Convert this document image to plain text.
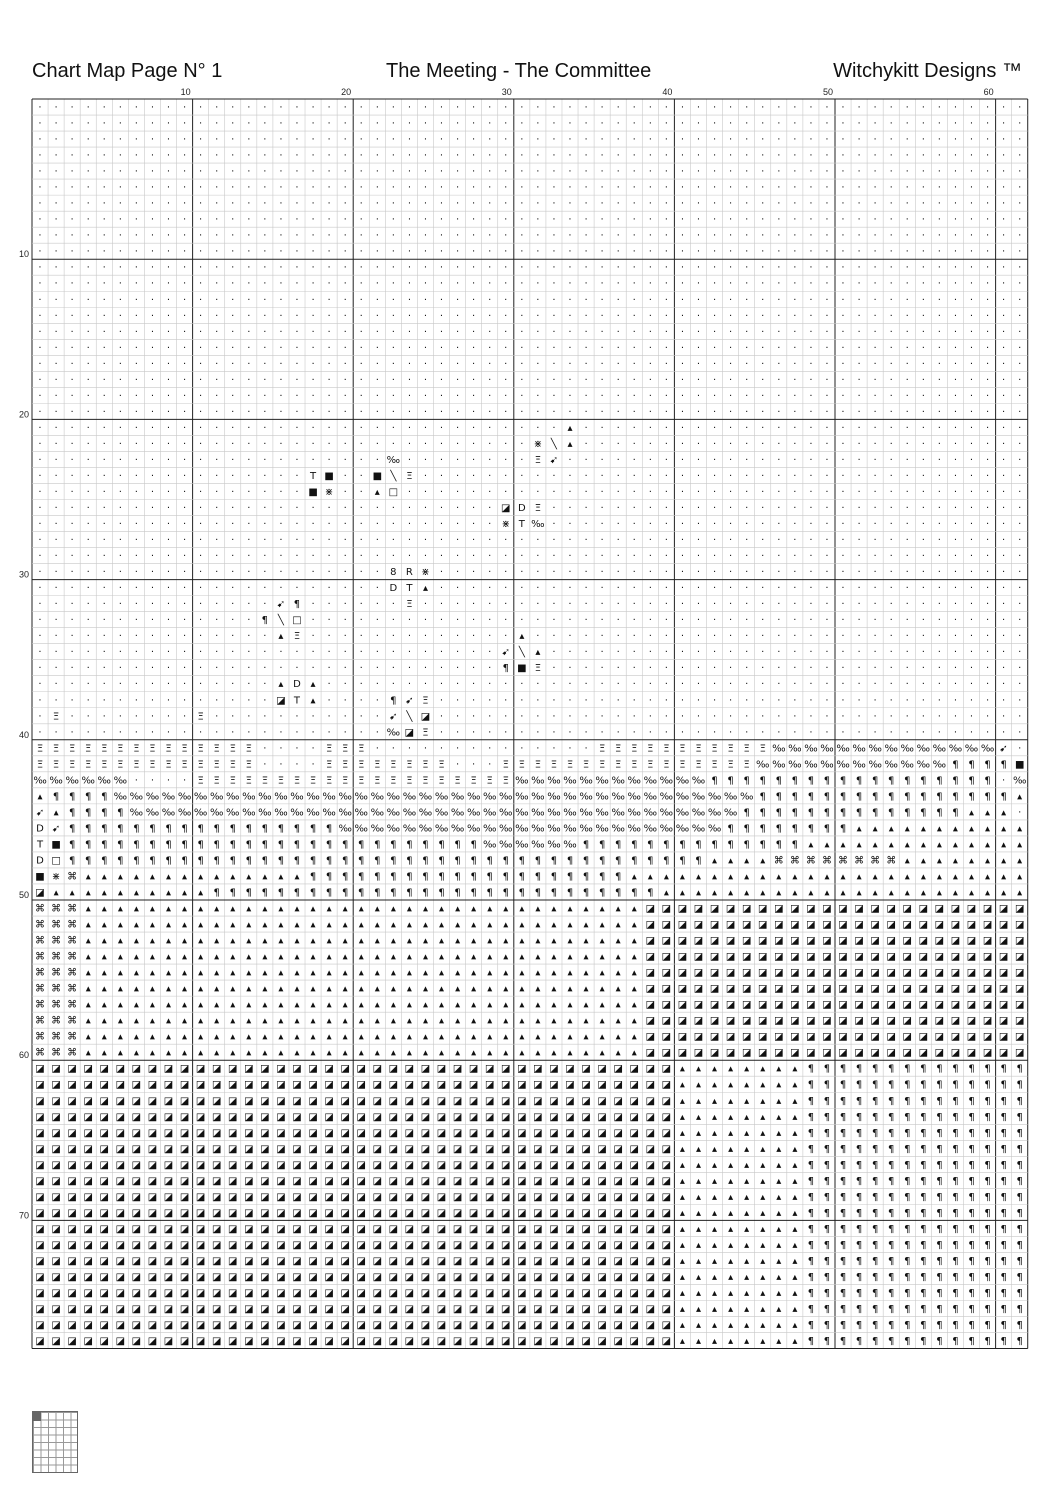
Chart Map Page N° 1	The Meeting - The Committee	Witchykitt Designs ™
· · · · · · · · · · · · · · · · · · · · · · · · · · · · · · · · · · · · · · · · · · · · · · · · · · · · · · · · · · · · · ·
· · · · · · · · · · · · · · · · · · · · · · · · · · · · · · · · · · · · · · · · · · · · · · · · · · · · · · · · · · · · · ·
· · · · · · · · · · · · · · · · · · · · · · · · · · · · · · · · · · · · · · · · · · · · · · · · · · · · · · · · · · · · · ·
· · · · · · · · · · · · · · · · · · · · · · · · · · · · · · · · · · · · · · · · · · · · · · · · · · · · · · · · · · · · · ·
· · · · · · · · · · · · · · · · · · · · · · · · · · · · · · · · · · · · · · · · · · · · · · · · · · · · · · · · · · · · · ·
· · · · · · · · · · · · · · · · · · · · · · · · · · · · · · · · · · · · · · · · · · · · · · · · · · · · · · · · · · · · · ·
· · · · · · · · · · · · · · · · · · · · · · · · · · · · · · · · · · · · · · · · · · · · · · · · · · · · · · · · · · · · · ·
· · · · · · · · · · · · · · · · · · · · · · · · · · · · · · · · · · · · · · · · · · · · · · · · · · · · · · · · · · · · · ·
· · · · · · · · · · · · · · · · · · · · · · · · · · · · · · · · · · · · · · · · · · · · · · · · · · · · · · · · · · · · · ·
· · · · · · · · · · · · · · · · · · · · · · · · · · · · · · · · · · · · · · · · · · · · · · · · · · · · · · · · · · · · · ·
· · · · · · · · · · · · · · · · · · · · · · · · · · · · · · · · · · · · · · · · · · · · · · · · · · · · · · · · · · · · · ·
· · · · · · · · · · · · · · · · · · · · · · · · · · · · · · · · · · · · · · · · · · · · · · · · · · · · · · · · · · · · · ·
· · · · · · · · · · · · · · · · · · · · · · · · · · · · · · · · · · · · · · · · · · · · · · · · · · · · · · · · · · · · · ·
· · · · · · · · · · · · · · · · · · · · · · · · · · · · · · · · · · · · · · · · · · · · · · · · · · · · · · · · · · · · · ·
· · · · · · · · · · · · · · · · · · · · · · · · · · · · · · · · · · · · · · · · · · · · · · · · · · · · · · · · · · · · · ·
· · · · · · · · · · · · · · · · · · · · · · · · · · · · · · · · · · · · · · · · · · · · · · · · · · · · · · · · · · · · · ·
· · · · · · · · · · · · · · · · · · · · · · · · · · · · · · · · · · · · · · · · · · · · · · · · · · · · · · · · · · · · · ·
· · · · · · · · · · · · · · · · · · · · · · · · · · · · · · · · · · · · · · · · · · · · · · · · · · · · · · · · · · · · · ·
· · · · · · · · · · · · · · · · · · · · · · · · · · · · · · · · · · · · · · · · · · · · · · · · · · · · · · · · · · · · · ·
· · · · · · · · · · · · · · · · · · · · · · · · · · · · · · · · · · · · · · · · · · · · · · · · · · · · · · · · · · · · · ·
· · · · · · · · · · · · · · · · · · · · · · · · · · · · · · · · · ▴ · · · · · · · · · · · · · · · · · · · · · · · · · · · ·
· · · · · · · · · · · · · · · · · · · · · · · · · · · · · · · ⋇ ╲ ▴ · · · · · · · · · · · · · · · · · · · · · · · · · · · ·
· · · · · · · · · · · · · · · · · · · · · · ‰ · · · · · · · · Ξ ➹ · · · · · · · · · · · · · · · · · · · · · · · · · · · · ·
· · · · · · · · · · · · · · · · · T ■ · · ■ ╲ Ξ · · · · · · · · · · · · · · · · · · · · · · · · · · · · · · · · · · · · · ·
· · · · · · · · · · · · · · · · · ■ ⋇ · · ▴ □ · · · · · · · · · · · · · · · · · · · · · · · · · · · · · · · · · · · · · · ·
· · · · · · · · · · · · · · · · · · · · · · · · · · · · · ◪ D Ξ · · · · · · · · · · · · · · · · · · · · · · · · · · · · · ·
· · · · · · · · · · · · · · · · · · · · · · · · · · · · · ⋇ T ‰ · · · · · · · · · · · · · · · · · · · · · · · · · · · · · ·
· · · · · · · · · · · · · · · · · · · · · · · · · · · · · · · · · · · · · · · · · · · · · · · · · · · · · · · · · · · · · ·
· · · · · · · · · · · · · · · · · · · · · · · · · · · · · · · · · · · · · · · · · · · · · · · · · · · · · · · · · · · · · ·
· · · · · · · · · · · · · · · · · · · · · · 8 R ⋇ · · · · · · · · · · · · · · · · · · · · · · · · · · · · · · · · · · · · ·
· · · · · · · · · · · · · · · · · · · · · · D T ▴ · · · · · · · · · · · · · · · · · · · · · · · · · · · · · · · · · · · · ·
· · · · · · · · · · · · · · · ➹ ¶ · · · · · · Ξ · · · · · · · · · · · · · · · · · · · · · · · · · · · · · · · · · · · · · ·
· · · · · · · · · · · · · · ¶ ╲ □ · · · · · · · · · · · · · · · · · · · · · · · · · · · · · · · · · · · · · · · · · · · · ·
· · · · · · · · · · · · · · · ▴ Ξ · · · · · · · · · · · · · ▴ · · · · · · · · · · · · · · · · · · · · · · · · · · · · · · ·
· · · · · · · · · · · · · · · · · · · · · · · · · · · · · ➹ ╲ ▴ · · · · · · · · · · · · · · · · · · · · · · · · · · · · · ·
· · · · · · · · · · · · · · · · · · · · · · · · · · · · · ¶ ■ Ξ · · · · · · · · · · · · · · · · · · · · · · · · · · · · · ·
· · · · · · · · · · · · · · · ▴ D ▴ · · · · · · · · · · · · · · · · · · · · · · · · · · · · · · · · · · · · · · · · · · · ·
· · · · · · · · · · · · · · · ◪ T ▴ · · · · ¶ ➹ Ξ · · · · · · · · · · · · · · · · · · · · · · · · · · · · · · · · · · · · ·
· Ξ · · · · · · · · Ξ · · · · · · · · · · · ➹ ╲ ◪ · · · · · · · · · · · · · · · · · · · · · · · · · · · · · · · · · · · · ·
· · · · · · · · · · · · · · · · · · · · · · ‰ ◪ Ξ · · · · · · · · · · · · · · · · · · · · · · · · · · · · · · · · · · · · ·
Ξ Ξ Ξ Ξ Ξ Ξ Ξ Ξ Ξ Ξ Ξ Ξ Ξ Ξ · · · · Ξ Ξ Ξ · · · · · · · · · · · · · · Ξ Ξ Ξ Ξ Ξ Ξ Ξ Ξ Ξ Ξ Ξ ‰ ‰ ‰ ‰ ‰ ‰ ‰ ‰ ‰ ‰ ‰ ‰ ‰ ‰ ➹ ·
Ξ Ξ Ξ Ξ Ξ Ξ Ξ Ξ Ξ Ξ Ξ Ξ Ξ Ξ · · · · Ξ Ξ Ξ Ξ Ξ Ξ Ξ Ξ · · · Ξ Ξ Ξ Ξ Ξ Ξ Ξ Ξ Ξ Ξ Ξ Ξ Ξ Ξ Ξ Ξ ‰ ‰ ‰ ‰ ‰ ‰ ‰ ‰ ‰ ‰ ‰ ‰ ¶ ¶ ¶ ¶ ■
‰ ‰ ‰ ‰ ‰ ‰ · · · · Ξ Ξ Ξ Ξ Ξ Ξ Ξ Ξ Ξ Ξ Ξ Ξ Ξ Ξ Ξ Ξ Ξ Ξ Ξ Ξ ‰ ‰ ‰ ‰ ‰ ‰ ‰ ‰ ‰ ‰ ‰ ‰ ¶ ¶ ¶ ¶ ¶ ¶ ¶ ¶ ¶ ¶ ¶ ¶ ¶ ¶ ¶ ¶ ¶ ¶ · ‰
▴ ¶ ¶ ¶ ¶ ‰ ‰ ‰ ‰ ‰ ‰ ‰ ‰ ‰ ‰ ‰ ‰ ‰ ‰ ‰ ‰ ‰ ‰ ‰ ‰ ‰ ‰ ‰ ‰ ‰ ‰ ‰ ‰ ‰ ‰ ‰ ‰ ‰ ‰ ‰ ‰ ‰ ‰ ‰ ‰ ¶ ¶ ¶ ¶ ¶ ¶ ¶ ¶ ¶ ¶ ¶ ¶ ¶ ¶ ¶ ¶ ▴
➹ ▴ ¶ ¶ ¶ ¶ ‰ ‰ ‰ ‰ ‰ ‰ ‰ ‰ ‰ ‰ ‰ ‰ ‰ ‰ ‰ ‰ ‰ ‰ ‰ ‰ ‰ ‰ ‰ ‰ ‰ ‰ ‰ ‰ ‰ ‰ ‰ ‰ ‰ ‰ ‰ ‰ ‰ ‰ ¶ ¶ ¶ ¶ ¶ ¶ ¶ ¶ ¶ ¶ ¶ ¶ ¶ ¶ ▴ ▴ ▴ ·
D ➹ ¶ ¶ ¶ ¶ ¶ ¶ ¶ ¶ ¶ ¶ ¶ ¶ ¶ ¶ ¶ ¶ ¶ ‰ ‰ ‰ ‰ ‰ ‰ ‰ ‰ ‰ ‰ ‰ ‰ ‰ ‰ ‰ ‰ ‰ ‰ ‰ ‰ ‰ ‰ ‰ ‰ ¶ ¶ ¶ ¶ ¶ ¶ ¶ ¶ ▴ ▴ ▴ ▴ ▴ ▴ ▴ ▴ ▴ ▴ ▴
T ■ ¶ ¶ ¶ ¶ ¶ ¶ ¶ ¶ ¶ ¶ ¶ ¶ ¶ ¶ ¶ ¶ ¶ ¶ ¶ ¶ ¶ ¶ ¶ ¶ ¶ ¶ ‰ ‰ ‰ ‰ ‰ ‰ ¶ ¶ ¶ ¶ ¶ ¶ ¶ ¶ ¶ ¶ ¶ ¶ ¶ ¶ ▴ ▴ ▴ ▴ ▴ ▴ ▴ ▴ ▴ ▴ ▴ ▴ ▴ ▴
D □ ¶ ¶ ¶ ¶ ¶ ¶ ¶ ¶ ¶ ¶ ¶ ¶ ¶ ¶ ¶ ¶ ¶ ¶ ¶ ¶ ¶ ¶ ¶ ¶ ¶ ¶ ¶ ¶ ¶ ¶ ¶ ¶ ¶ ¶ ¶ ¶ ¶ ¶ ¶ ¶ ▴ ▴ ▴ ▴ ⌘ ⌘ ⌘ ⌘ ⌘ ⌘ ⌘ ⌘ ▴ ▴ ▴ ▴ ▴ ▴ ▴ ▴
■ ⋇ ⌘ ▴ ▴ ▴ ▴ ▴ ▴ ▴ ▴ ▴ ▴ ▴ ▴ ▴ ▴ ¶ ¶ ¶ ¶ ¶ ¶ ¶ ¶ ¶ ¶ ¶ ¶ ¶ ¶ ¶ ¶ ¶ ¶ ¶ ¶ ▴ ▴ ▴ ▴ ▴ ▴ ▴ ▴ ▴ ▴ ▴ ▴ ▴ ▴ ▴ ▴ ▴ ▴ ▴ ▴ ▴ ▴ ▴ ▴ ▴
◪ ▴ ▴ ▴ ▴ ▴ ▴ ▴ ▴ ▴ ▴ ¶ ¶ ¶ ¶ ¶ ¶ ¶ ¶ ¶ ¶ ¶ ¶ ¶ ¶ ¶ ¶ ¶ ¶ ¶ ¶ ¶ ¶ ¶ ¶ ¶ ¶ ¶ ¶ ▴ ▴ ▴ ▴ ▴ ▴ ▴ ▴ ▴ ▴ ▴ ▴ ▴ ▴ ▴ ▴ ▴ ▴ ▴ ▴ ▴ ▴ ▴
⌘ ⌘ ⌘ ▴ ▴ ▴ ▴ ▴ ▴ ▴ ▴ ▴ ▴ ▴ ▴ ▴ ▴ ▴ ▴ ▴ ▴ ▴ ▴ ▴ ▴ ▴ ▴ ▴ ▴ ▴ ▴ ▴ ▴ ▴ ▴ ▴ ▴ ▴ ◪ ◪ ◪ ◪ ◪ ◪ ◪ ◪ ◪ ◪ ◪ ◪ ◪ ◪ ◪ ◪ ◪ ◪ ◪ ◪ ◪ ◪ ◪ ◪
⌘ ⌘ ⌘ ▴ ▴ ▴ ▴ ▴ ▴ ▴ ▴ ▴ ▴ ▴ ▴ ▴ ▴ ▴ ▴ ▴ ▴ ▴ ▴ ▴ ▴ ▴ ▴ ▴ ▴ ▴ ▴ ▴ ▴ ▴ ▴ ▴ ▴ ▴ ◪ ◪ ◪ ◪ ◪ ◪ ◪ ◪ ◪ ◪ ◪ ◪ ◪ ◪ ◪ ◪ ◪ ◪ ◪ ◪ ◪ ◪ ◪ ◪
⌘ ⌘ ⌘ ▴ ▴ ▴ ▴ ▴ ▴ ▴ ▴ ▴ ▴ ▴ ▴ ▴ ▴ ▴ ▴ ▴ ▴ ▴ ▴ ▴ ▴ ▴ ▴ ▴ ▴ ▴ ▴ ▴ ▴ ▴ ▴ ▴ ▴ ▴ ◪ ◪ ◪ ◪ ◪ ◪ ◪ ◪ ◪ ◪ ◪ ◪ ◪ ◪ ◪ ◪ ◪ ◪ ◪ ◪ ◪ ◪ ◪ ◪
⌘ ⌘ ⌘ ▴ ▴ ▴ ▴ ▴ ▴ ▴ ▴ ▴ ▴ ▴ ▴ ▴ ▴ ▴ ▴ ▴ ▴ ▴ ▴ ▴ ▴ ▴ ▴ ▴ ▴ ▴ ▴ ▴ ▴ ▴ ▴ ▴ ▴ ▴ ◪ ◪ ◪ ◪ ◪ ◪ ◪ ◪ ◪ ◪ ◪ ◪ ◪ ◪ ◪ ◪ ◪ ◪ ◪ ◪ ◪ ◪ ◪ ◪
⌘ ⌘ ⌘ ▴ ▴ ▴ ▴ ▴ ▴ ▴ ▴ ▴ ▴ ▴ ▴ ▴ ▴ ▴ ▴ ▴ ▴ ▴ ▴ ▴ ▴ ▴ ▴ ▴ ▴ ▴ ▴ ▴ ▴ ▴ ▴ ▴ ▴ ▴ ◪ ◪ ◪ ◪ ◪ ◪ ◪ ◪ ◪ ◪ ◪ ◪ ◪ ◪ ◪ ◪ ◪ ◪ ◪ ◪ ◪ ◪ ◪ ◪
⌘ ⌘ ⌘ ▴ ▴ ▴ ▴ ▴ ▴ ▴ ▴ ▴ ▴ ▴ ▴ ▴ ▴ ▴ ▴ ▴ ▴ ▴ ▴ ▴ ▴ ▴ ▴ ▴ ▴ ▴ ▴ ▴ ▴ ▴ ▴ ▴ ▴ ▴ ◪ ◪ ◪ ◪ ◪ ◪ ◪ ◪ ◪ ◪ ◪ ◪ ◪ ◪ ◪ ◪ ◪ ◪ ◪ ◪ ◪ ◪ ◪ ◪
⌘ ⌘ ⌘ ▴ ▴ ▴ ▴ ▴ ▴ ▴ ▴ ▴ ▴ ▴ ▴ ▴ ▴ ▴ ▴ ▴ ▴ ▴ ▴ ▴ ▴ ▴ ▴ ▴ ▴ ▴ ▴ ▴ ▴ ▴ ▴ ▴ ▴ ▴ ◪ ◪ ◪ ◪ ◪ ◪ ◪ ◪ ◪ ◪ ◪ ◪ ◪ ◪ ◪ ◪ ◪ ◪ ◪ ◪ ◪ ◪ ◪ ◪
⌘ ⌘ ⌘ ▴ ▴ ▴ ▴ ▴ ▴ ▴ ▴ ▴ ▴ ▴ ▴ ▴ ▴ ▴ ▴ ▴ ▴ ▴ ▴ ▴ ▴ ▴ ▴ ▴ ▴ ▴ ▴ ▴ ▴ ▴ ▴ ▴ ▴ ▴ ◪ ◪ ◪ ◪ ◪ ◪ ◪ ◪ ◪ ◪ ◪ ◪ ◪ ◪ ◪ ◪ ◪ ◪ ◪ ◪ ◪ ◪ ◪ ◪
⌘ ⌘ ⌘ ▴ ▴ ▴ ▴ ▴ ▴ ▴ ▴ ▴ ▴ ▴ ▴ ▴ ▴ ▴ ▴ ▴ ▴ ▴ ▴ ▴ ▴ ▴ ▴ ▴ ▴ ▴ ▴ ▴ ▴ ▴ ▴ ▴ ▴ ▴ ◪ ◪ ◪ ◪ ◪ ◪ ◪ ◪ ◪ ◪ ◪ ◪ ◪ ◪ ◪ ◪ ◪ ◪ ◪ ◪ ◪ ◪ ◪ ◪
⌘ ⌘ ⌘ ▴ ▴ ▴ ▴ ▴ ▴ ▴ ▴ ▴ ▴ ▴ ▴ ▴ ▴ ▴ ▴ ▴ ▴ ▴ ▴ ▴ ▴ ▴ ▴ ▴ ▴ ▴ ▴ ▴ ▴ ▴ ▴ ▴ ▴ ▴ ◪ ◪ ◪ ◪ ◪ ◪ ◪ ◪ ◪ ◪ ◪ ◪ ◪ ◪ ◪ ◪ ◪ ◪ ◪ ◪ ◪ ◪ ◪ ◪
◪ ◪ ◪ ◪ ◪ ◪ ◪ ◪ ◪ ◪ ◪ ◪ ◪ ◪ ◪ ◪ ◪ ◪ ◪ ◪ ◪ ◪ ◪ ◪ ◪ ◪ ◪ ◪ ◪ ◪ ◪ ◪ ◪ ◪ ◪ ◪ ◪ ◪ ◪ ◪ ▴ ▴ ▴ ▴ ▴ ▴ ▴ ▴ ¶ ¶ ¶ ¶ ¶ ¶ ¶ ¶ ¶ ¶ ¶ ¶ ¶ ¶
◪ ◪ ◪ ◪ ◪ ◪ ◪ ◪ ◪ ◪ ◪ ◪ ◪ ◪ ◪ ◪ ◪ ◪ ◪ ◪ ◪ ◪ ◪ ◪ ◪ ◪ ◪ ◪ ◪ ◪ ◪ ◪ ◪ ◪ ◪ ◪ ◪ ◪ ◪ ◪ ▴ ▴ ▴ ▴ ▴ ▴ ▴ ▴ ¶ ¶ ¶ ¶ ¶ ¶ ¶ ¶ ¶ ¶ ¶ ¶ ¶ ¶
◪ ◪ ◪ ◪ ◪ ◪ ◪ ◪ ◪ ◪ ◪ ◪ ◪ ◪ ◪ ◪ ◪ ◪ ◪ ◪ ◪ ◪ ◪ ◪ ◪ ◪ ◪ ◪ ◪ ◪ ◪ ◪ ◪ ◪ ◪ ◪ ◪ ◪ ◪ ◪ ▴ ▴ ▴ ▴ ▴ ▴ ▴ ▴ ¶ ¶ ¶ ¶ ¶ ¶ ¶ ¶ ¶ ¶ ¶ ¶ ¶ ¶
◪ ◪ ◪ ◪ ◪ ◪ ◪ ◪ ◪ ◪ ◪ ◪ ◪ ◪ ◪ ◪ ◪ ◪ ◪ ◪ ◪ ◪ ◪ ◪ ◪ ◪ ◪ ◪ ◪ ◪ ◪ ◪ ◪ ◪ ◪ ◪ ◪ ◪ ◪ ◪ ▴ ▴ ▴ ▴ ▴ ▴ ▴ ▴ ¶ ¶ ¶ ¶ ¶ ¶ ¶ ¶ ¶ ¶ ¶ ¶ ¶ ¶
◪ ◪ ◪ ◪ ◪ ◪ ◪ ◪ ◪ ◪ ◪ ◪ ◪ ◪ ◪ ◪ ◪ ◪ ◪ ◪ ◪ ◪ ◪ ◪ ◪ ◪ ◪ ◪ ◪ ◪ ◪ ◪ ◪ ◪ ◪ ◪ ◪ ◪ ◪ ◪ ▴ ▴ ▴ ▴ ▴ ▴ ▴ ▴ ¶ ¶ ¶ ¶ ¶ ¶ ¶ ¶ ¶ ¶ ¶ ¶ ¶ ¶
◪ ◪ ◪ ◪ ◪ ◪ ◪ ◪ ◪ ◪ ◪ ◪ ◪ ◪ ◪ ◪ ◪ ◪ ◪ ◪ ◪ ◪ ◪ ◪ ◪ ◪ ◪ ◪ ◪ ◪ ◪ ◪ ◪ ◪ ◪ ◪ ◪ ◪ ◪ ◪ ▴ ▴ ▴ ▴ ▴ ▴ ▴ ▴ ¶ ¶ ¶ ¶ ¶ ¶ ¶ ¶ ¶ ¶ ¶ ¶ ¶ ¶
◪ ◪ ◪ ◪ ◪ ◪ ◪ ◪ ◪ ◪ ◪ ◪ ◪ ◪ ◪ ◪ ◪ ◪ ◪ ◪ ◪ ◪ ◪ ◪ ◪ ◪ ◪ ◪ ◪ ◪ ◪ ◪ ◪ ◪ ◪ ◪ ◪ ◪ ◪ ◪ ▴ ▴ ▴ ▴ ▴ ▴ ▴ ▴ ¶ ¶ ¶ ¶ ¶ ¶ ¶ ¶ ¶ ¶ ¶ ¶ ¶ ¶
◪ ◪ ◪ ◪ ◪ ◪ ◪ ◪ ◪ ◪ ◪ ◪ ◪ ◪ ◪ ◪ ◪ ◪ ◪ ◪ ◪ ◪ ◪ ◪ ◪ ◪ ◪ ◪ ◪ ◪ ◪ ◪ ◪ ◪ ◪ ◪ ◪ ◪ ◪ ◪ ▴ ▴ ▴ ▴ ▴ ▴ ▴ ▴ ¶ ¶ ¶ ¶ ¶ ¶ ¶ ¶ ¶ ¶ ¶ ¶ ¶ ¶
◪ ◪ ◪ ◪ ◪ ◪ ◪ ◪ ◪ ◪ ◪ ◪ ◪ ◪ ◪ ◪ ◪ ◪ ◪ ◪ ◪ ◪ ◪ ◪ ◪ ◪ ◪ ◪ ◪ ◪ ◪ ◪ ◪ ◪ ◪ ◪ ◪ ◪ ◪ ◪ ▴ ▴ ▴ ▴ ▴ ▴ ▴ ▴ ¶ ¶ ¶ ¶ ¶ ¶ ¶ ¶ ¶ ¶ ¶ ¶ ¶ ¶
◪ ◪ ◪ ◪ ◪ ◪ ◪ ◪ ◪ ◪ ◪ ◪ ◪ ◪ ◪ ◪ ◪ ◪ ◪ ◪ ◪ ◪ ◪ ◪ ◪ ◪ ◪ ◪ ◪ ◪ ◪ ◪ ◪ ◪ ◪ ◪ ◪ ◪ ◪ ◪ ▴ ▴ ▴ ▴ ▴ ▴ ▴ ▴ ¶ ¶ ¶ ¶ ¶ ¶ ¶ ¶ ¶ ¶ ¶ ¶ ¶ ¶
◪ ◪ ◪ ◪ ◪ ◪ ◪ ◪ ◪ ◪ ◪ ◪ ◪ ◪ ◪ ◪ ◪ ◪ ◪ ◪ ◪ ◪ ◪ ◪ ◪ ◪ ◪ ◪ ◪ ◪ ◪ ◪ ◪ ◪ ◪ ◪ ◪ ◪ ◪ ◪ ▴ ▴ ▴ ▴ ▴ ▴ ▴ ▴ ¶ ¶ ¶ ¶ ¶ ¶ ¶ ¶ ¶ ¶ ¶ ¶ ¶ ¶
◪ ◪ ◪ ◪ ◪ ◪ ◪ ◪ ◪ ◪ ◪ ◪ ◪ ◪ ◪ ◪ ◪ ◪ ◪ ◪ ◪ ◪ ◪ ◪ ◪ ◪ ◪ ◪ ◪ ◪ ◪ ◪ ◪ ◪ ◪ ◪ ◪ ◪ ◪ ◪ ▴ ▴ ▴ ▴ ▴ ▴ ▴ ▴ ¶ ¶ ¶ ¶ ¶ ¶ ¶ ¶ ¶ ¶ ¶ ¶ ¶ ¶
◪ ◪ ◪ ◪ ◪ ◪ ◪ ◪ ◪ ◪ ◪ ◪ ◪ ◪ ◪ ◪ ◪ ◪ ◪ ◪ ◪ ◪ ◪ ◪ ◪ ◪ ◪ ◪ ◪ ◪ ◪ ◪ ◪ ◪ ◪ ◪ ◪ ◪ ◪ ◪ ▴ ▴ ▴ ▴ ▴ ▴ ▴ ▴ ¶ ¶ ¶ ¶ ¶ ¶ ¶ ¶ ¶ ¶ ¶ ¶ ¶ ¶
◪ ◪ ◪ ◪ ◪ ◪ ◪ ◪ ◪ ◪ ◪ ◪ ◪ ◪ ◪ ◪ ◪ ◪ ◪ ◪ ◪ ◪ ◪ ◪ ◪ ◪ ◪ ◪ ◪ ◪ ◪ ◪ ◪ ◪ ◪ ◪ ◪ ◪ ◪ ◪ ▴ ▴ ▴ ▴ ▴ ▴ ▴ ▴ ¶ ¶ ¶ ¶ ¶ ¶ ¶ ¶ ¶ ¶ ¶ ¶ ¶ ¶
◪ ◪ ◪ ◪ ◪ ◪ ◪ ◪ ◪ ◪ ◪ ◪ ◪ ◪ ◪ ◪ ◪ ◪ ◪ ◪ ◪ ◪ ◪ ◪ ◪ ◪ ◪ ◪ ◪ ◪ ◪ ◪ ◪ ◪ ◪ ◪ ◪ ◪ ◪ ◪ ▴ ▴ ▴ ▴ ▴ ▴ ▴ ▴ ¶ ¶ ¶ ¶ ¶ ¶ ¶ ¶ ¶ ¶ ¶ ¶ ¶ ¶
◪ ◪ ◪ ◪ ◪ ◪ ◪ ◪ ◪ ◪ ◪ ◪ ◪ ◪ ◪ ◪ ◪ ◪ ◪ ◪ ◪ ◪ ◪ ◪ ◪ ◪ ◪ ◪ ◪ ◪ ◪ ◪ ◪ ◪ ◪ ◪ ◪ ◪ ◪ ◪ ▴ ▴ ▴ ▴ ▴ ▴ ▴ ▴ ¶ ¶ ¶ ¶ ¶ ¶ ¶ ¶ ¶ ¶ ¶ ¶ ¶ ¶
◪ ◪ ◪ ◪ ◪ ◪ ◪ ◪ ◪ ◪ ◪ ◪ ◪ ◪ ◪ ◪ ◪ ◪ ◪ ◪ ◪ ◪ ◪ ◪ ◪ ◪ ◪ ◪ ◪ ◪ ◪ ◪ ◪ ◪ ◪ ◪ ◪ ◪ ◪ ◪ ▴ ▴ ▴ ▴ ▴ ▴ ▴ ▴ ¶ ¶ ¶ ¶ ¶ ¶ ¶ ¶ ¶ ¶ ¶ ¶ ¶ ¶
◪ ◪ ◪ ◪ ◪ ◪ ◪ ◪ ◪ ◪ ◪ ◪ ◪ ◪ ◪ ◪ ◪ ◪ ◪ ◪ ◪ ◪ ◪ ◪ ◪ ◪ ◪ ◪ ◪ ◪ ◪ ◪ ◪ ◪ ◪ ◪ ◪ ◪ ◪ ◪ ▴ ▴ ▴ ▴ ▴ ▴ ▴ ▴ ¶ ¶ ¶ ¶ ¶ ¶ ¶ ¶ ¶ ¶ ¶ ¶ ¶ ¶
10	20	30	40	50	60
10
20
30
40
50
60
70
